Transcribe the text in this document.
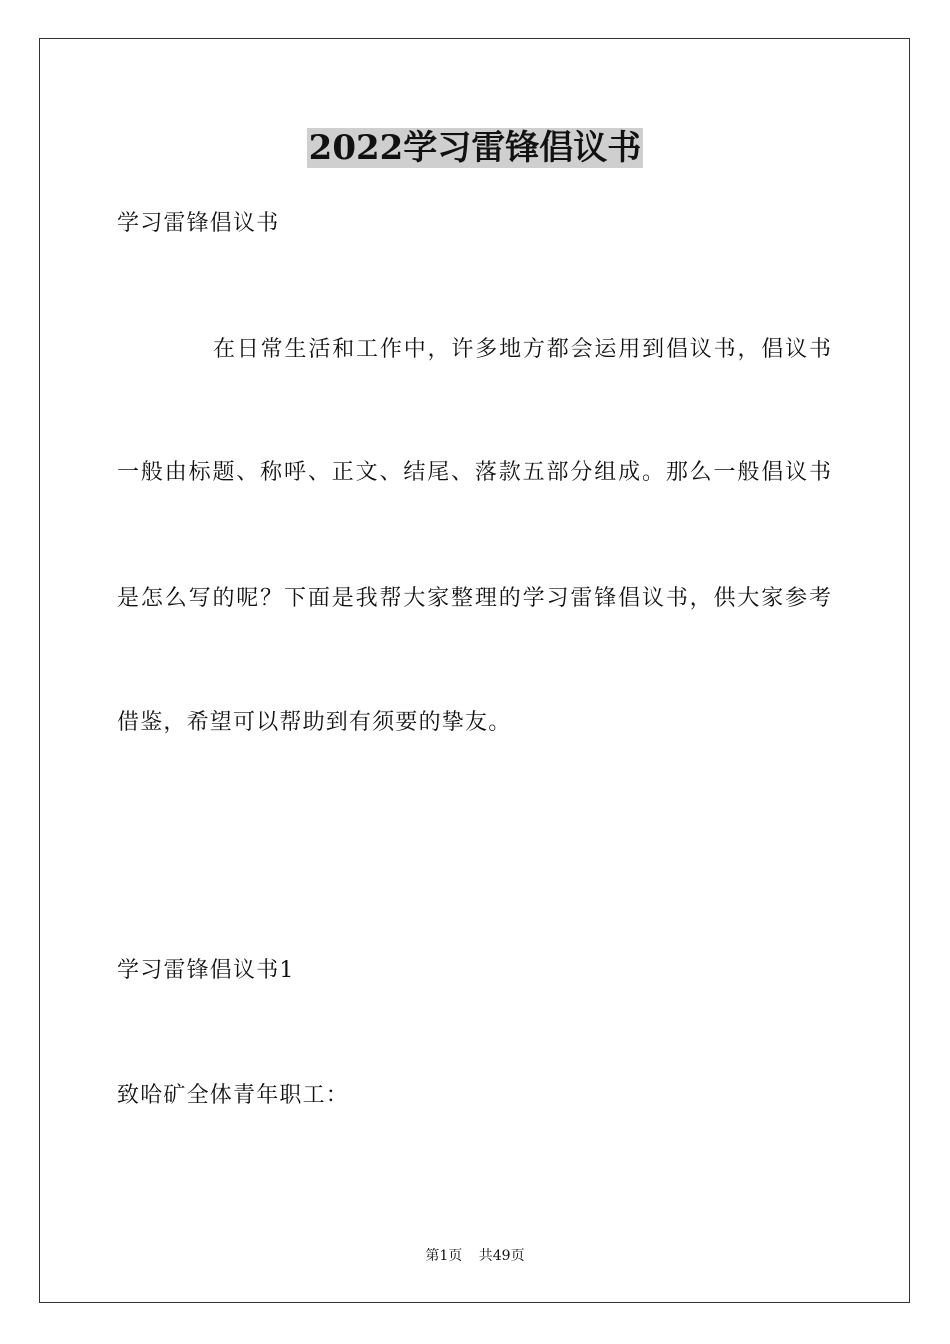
2022学习雷锋倡议书
学习雷锋倡议书
在日常生活和工作中，许多地方都会运用到倡议书，倡议书
一般由标题、称呼、正文、结尾、落款五部分组成。那么一般倡议书
是怎么写的呢？下面是我帮大家整理的学习雷锋倡议书，供大家参考
借鉴，希望可以帮助到有须要的挚友。
学习雷锋倡议书1
致哈矿全体青年职工：
第1页 共49页
